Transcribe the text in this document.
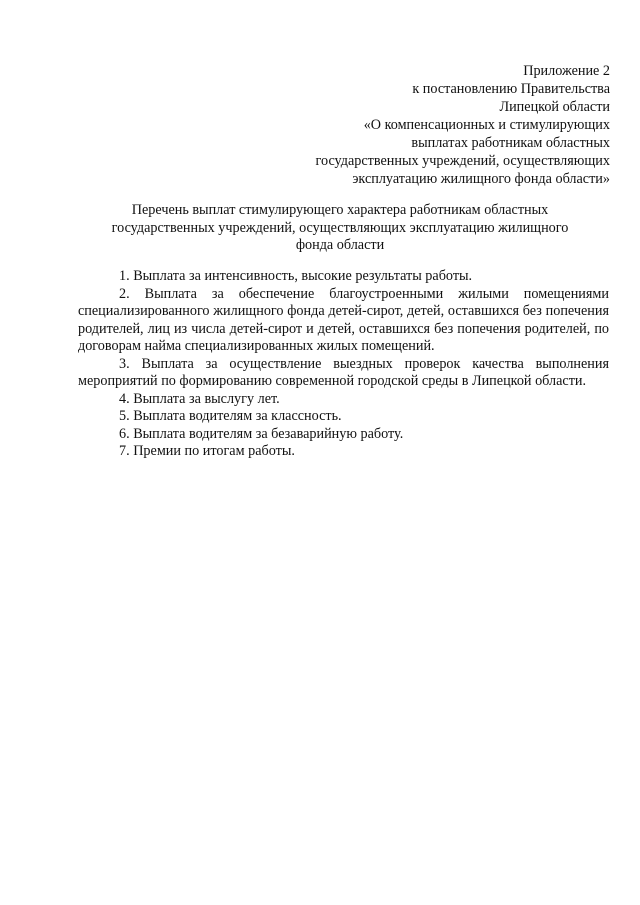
Приложение 2
к постановлению Правительства
Липецкой области
«О компенсационных и стимулирующих
выплатах работникам областных
государственных учреждений, осуществляющих
эксплуатацию жилищного фонда области»
Перечень выплат стимулирующего характера работникам областных
государственных учреждений, осуществляющих эксплуатацию жилищного
фонда области

1. Выплата за интенсивность, высокие результаты работы.

2. Выплата за обеспечение благоустроенными жилыми помещениями специализированного жилищного фонда детей-сирот, детей, оставшихся без попечения родителей, лиц из числа детей-сирот и детей, оставшихся без попечения родителей, по договорам найма специализированных жилых помещений.

3. Выплата за осуществление выездных проверок качества выполнения мероприятий по формированию современной городской среды в Липецкой области.

4. Выплата за выслугу лет.

5. Выплата водителям за классность.

6. Выплата водителям за безаварийную работу.

7. Премии по итогам работы.
